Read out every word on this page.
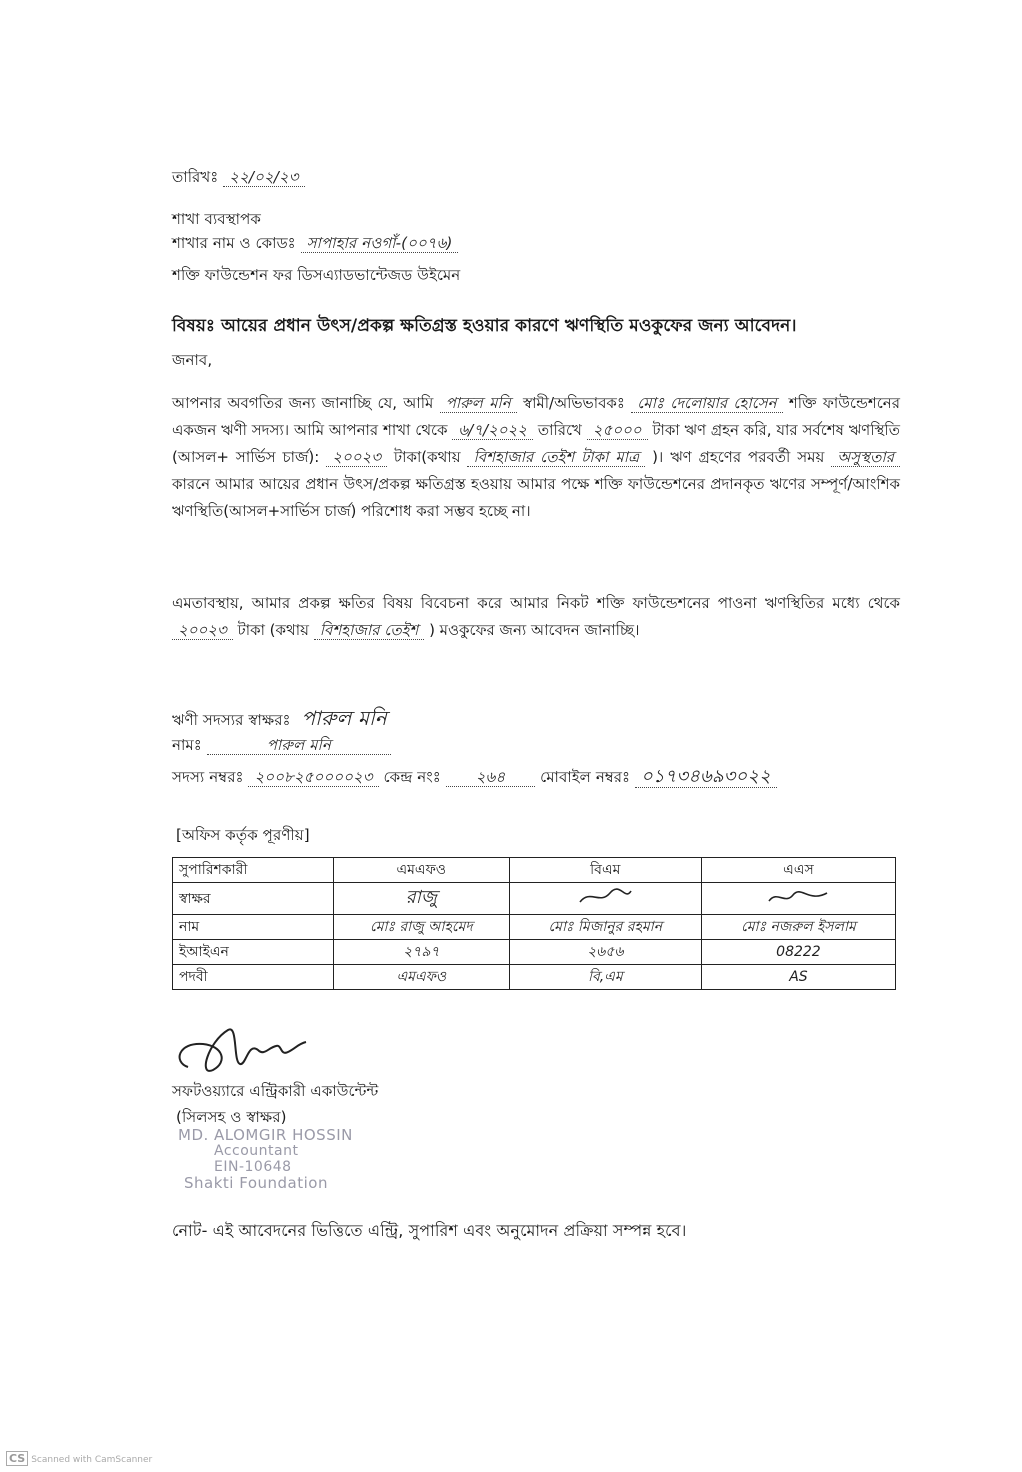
তারিখঃ ২২/০২/২৩
শাখা ব্যবস্থাপক
শাখার নাম ও কোডঃ সাপাহার নওগাঁ-(০০৭৬)
শক্তি ফাউন্ডেশন ফর ডিসএ্যাডভান্টেজড উইমেন
বিষয়ঃ আয়ের প্রধান উৎস/প্রকল্প ক্ষতিগ্রস্ত হওয়ার কারণে ঋণস্থিতি মওকুফের জন্য আবেদন।
জনাব,
আপনার অবগতির জন্য জানাচ্ছি যে, আমি পারুল মনি স্বামী/অভিভাবকঃ মোঃ দেলোয়ার হোসেন শক্তি ফাউন্ডেশনের একজন ঋণী সদস্য। আমি আপনার শাখা থেকে ৬/৭/২০২২ তারিখে ২৫০০০ টাকা ঋণ গ্রহন করি, যার সর্বশেষ ঋণস্থিতি (আসল+ সার্ভিস চার্জ): ২০০২৩ টাকা(কথায় বিশহাজার তেইশ টাকা মাত্র )। ঋণ গ্রহণের পরবর্তী সময় অসুস্থতার কারনে আমার আয়ের প্রধান উৎস/প্রকল্প ক্ষতিগ্রস্ত হওয়ায় আমার পক্ষে শক্তি ফাউন্ডেশনের প্রদানকৃত ঋণের সম্পূর্ণ/আংশিক ঋণস্থিতি(আসল+সার্ভিস চার্জ) পরিশোধ করা সম্ভব হচ্ছে না।
এমতাবস্থায়, আমার প্রকল্প ক্ষতির বিষয় বিবেচনা করে আমার নিকট শক্তি ফাউন্ডেশনের পাওনা ঋণস্থিতির মধ্যে থেকে ২০০২৩ টাকা (কথায় বিশহাজার তেইশ ) মওকুফের জন্য আবেদন জানাচ্ছি।
ঋণী সদস্যর স্বাক্ষরঃ পারুল মনি
নামঃ	পারুল মনি
সদস্য নম্বরঃ ২০০৮২৫০০০০২৩ কেন্দ্র নংঃ ২৬৪ মোবাইল নম্বরঃ ০১৭৩৪৬৯৩০২২
[অফিস কর্তৃক পূরণীয়]
সুপারিশকারী	এমএফও	বিএম	এএস
স্বাক্ষর	রাজু		
নাম	মোঃ রাজু আহমেদ	মোঃ মিজানুর রহমান	মোঃ নজরুল ইসলাম
ইআইএন	২৭৯৭	২৬৫৬	08222
পদবী	এমএফও	বি,এম	AS
সফটওয়্যারে এন্ট্রিকারী একাউন্টেন্ট
(সিলসহ ও স্বাক্ষর)
MD. ALOMGIR HOSSIN
Accountant
EIN-10648
Shakti Foundation
নোট- এই আবেদনের ভিত্তিতে এন্ট্রি, সুপারিশ এবং অনুমোদন প্রক্রিয়া সম্পন্ন হবে।
CS Scanned with CamScanner
